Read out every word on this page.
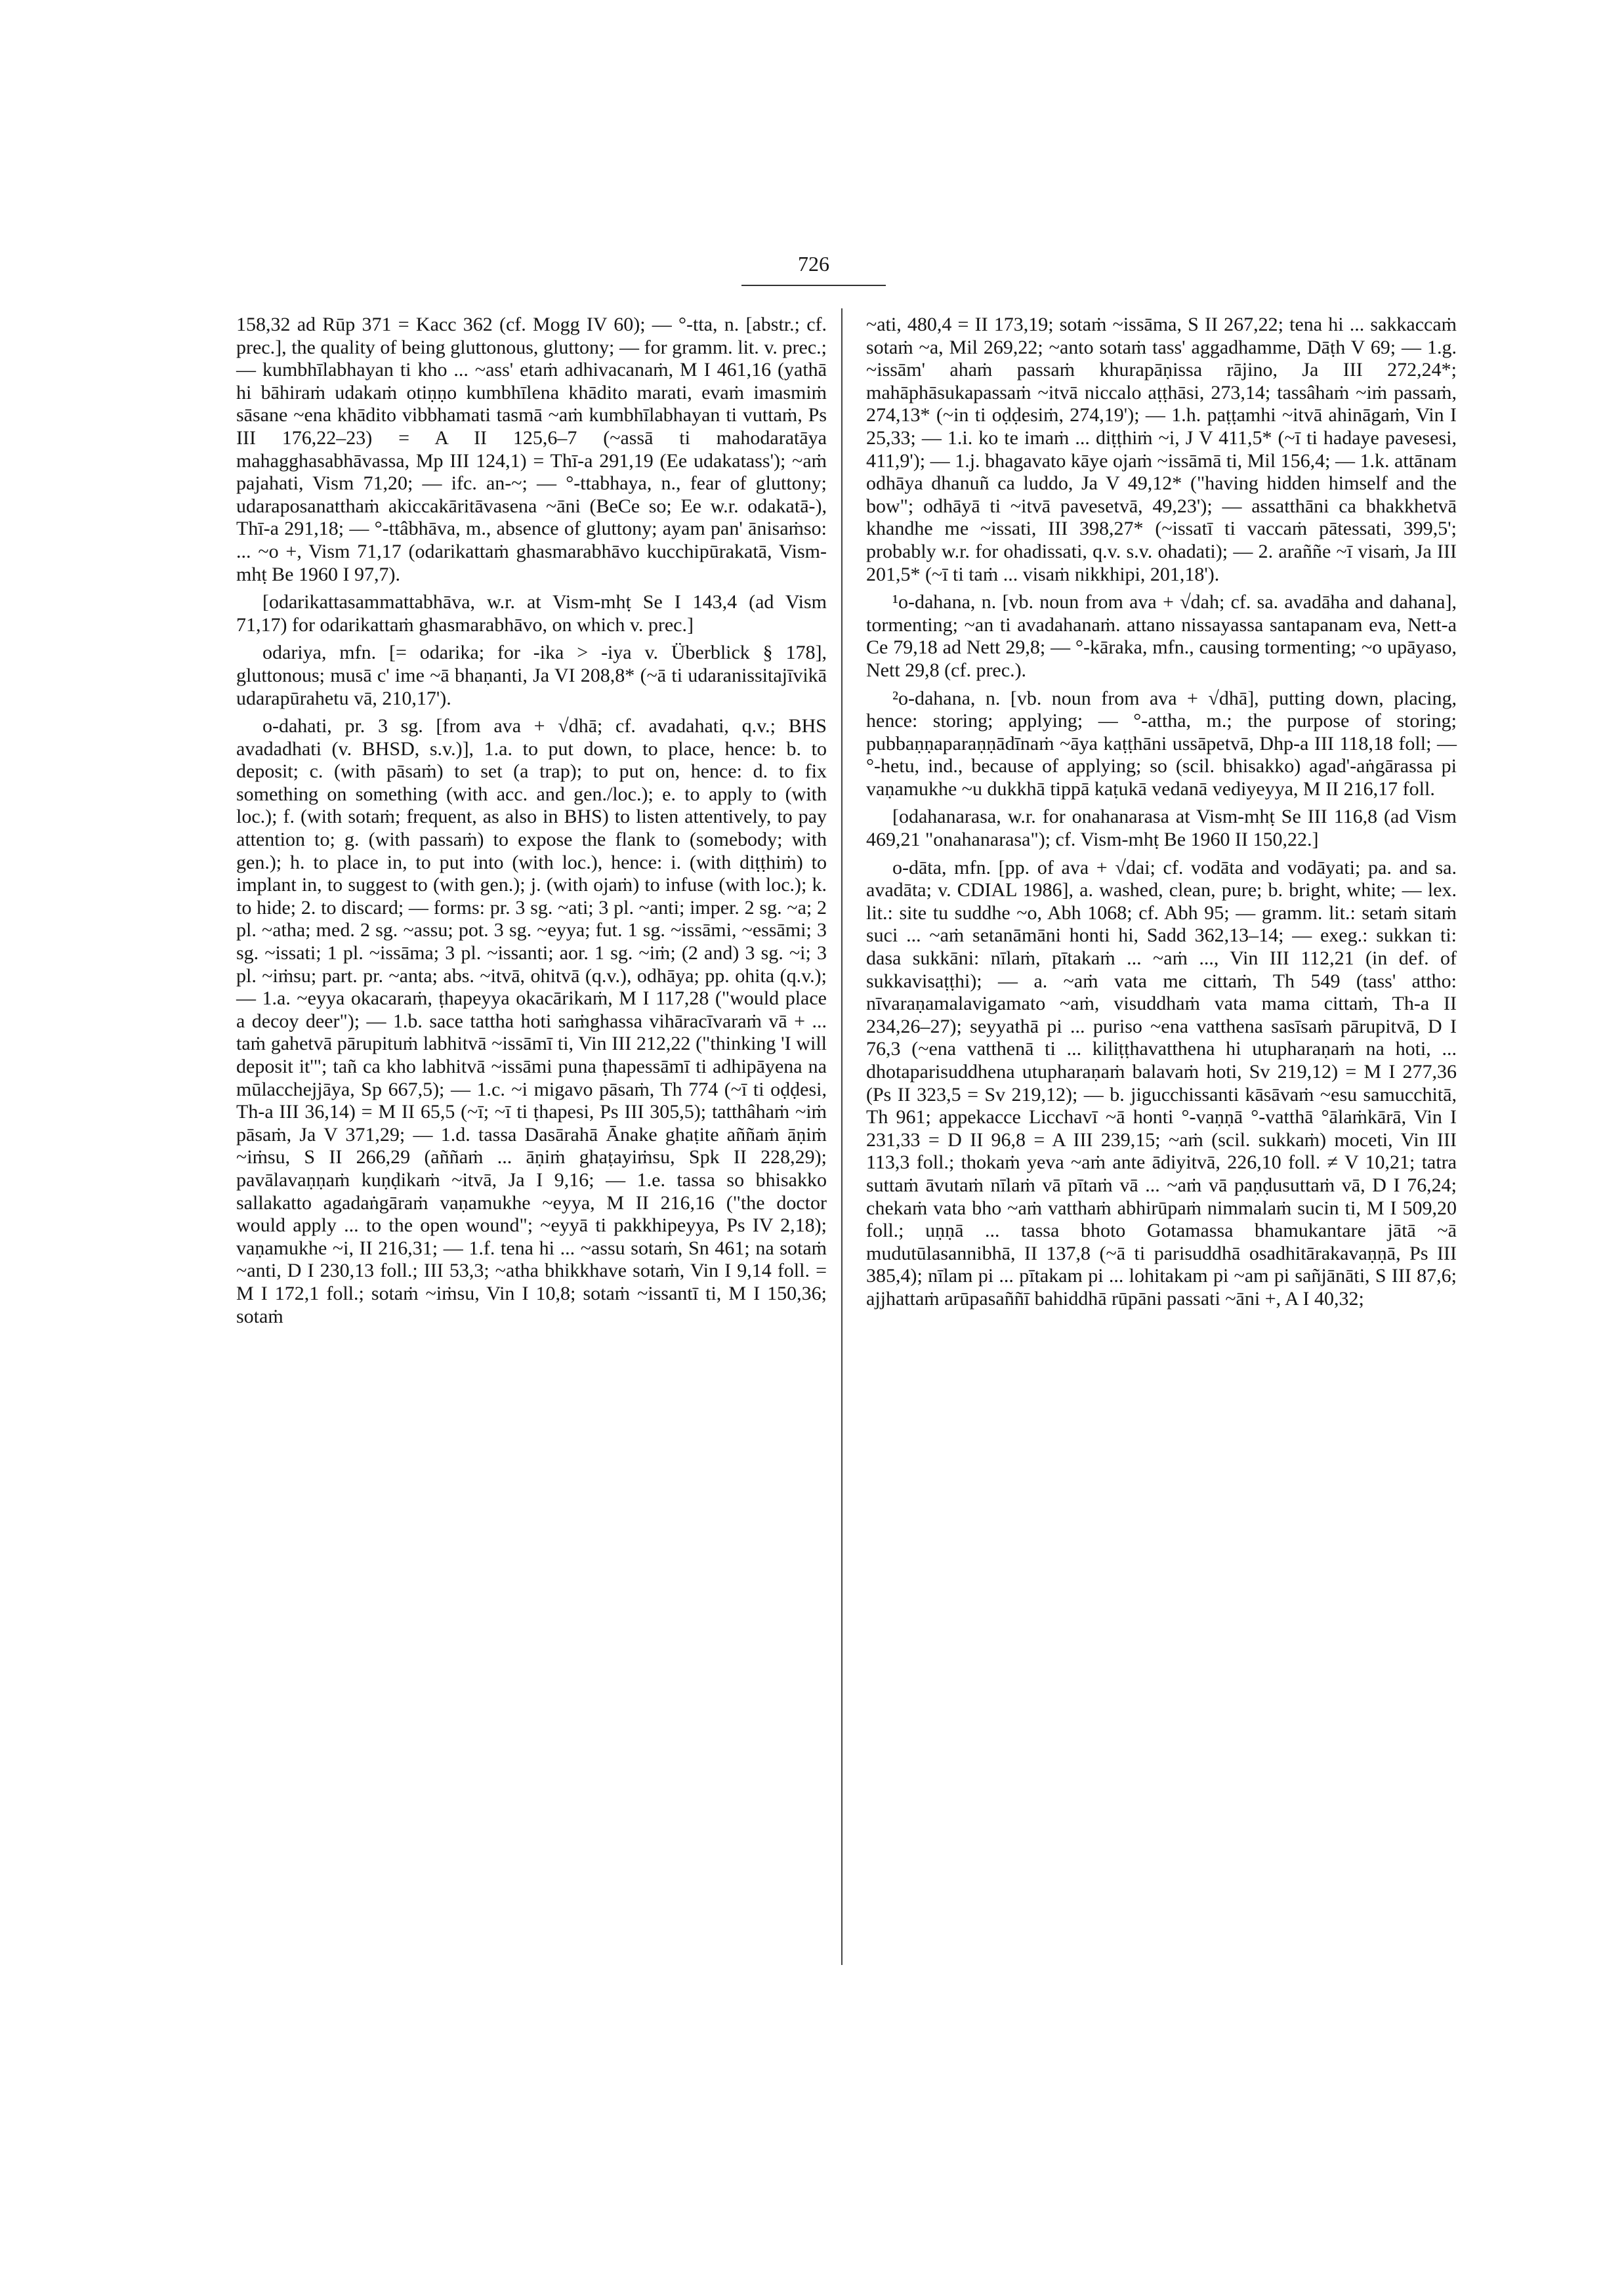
726

158,32 ad Rūp 371 = Kacc 362 (cf. Mogg IV 60); — °-tta, n. [abstr.; cf. prec.], the quality of being gluttonous, gluttony; — for gramm. lit. v. prec.; — kumbhīlabhayan ti kho ... ~ass' etaṁ adhivacanaṁ, M I 461,16 (yathā hi bāhiraṁ udakaṁ otiṇṇo kumbhīlena khādito marati, evaṁ imasmiṁ sāsane ~ena khādito vibbhamati tasmā ~aṁ kumbhīlabhayan ti vuttaṁ, Ps III 176,22–23) = A II 125,6–7 (~assā ti mahodaratāya mahagghasabhāvassa, Mp III 124,1) = Thī-a 291,19 (Ee udakatass'); ~aṁ pajahati, Vism 71,20; — ifc. an-~; — °-ttabhaya, n., fear of gluttony; udaraposanatthaṁ akiccakāritāvasena ~āni (BeCe so; Ee w.r. odakatā-), Thī-a 291,18; — °-ttâbhāva, m., absence of gluttony; ayam pan' ānisaṁso: ... ~o +, Vism 71,17 (odarikattaṁ ghasmarabhāvo kucchipūrakatā, Vism-mhṭ Be 1960 I 97,7).

[odarikattasammattabhāva, w.r. at Vism-mhṭ Se I 143,4 (ad Vism 71,17) for odarikattaṁ ghasmarabhāvo, on which v. prec.]

odariya, mfn. [= odarika; for -ika > -iya v. Überblick § 178], gluttonous; musā c' ime ~ā bhaṇanti, Ja VI 208,8* (~ā ti udaranissitajīvikā udarapūrahetu vā, 210,17').

o-dahati, pr. 3 sg. [from ava + √dhā; cf. avadahati, q.v.; BHS avadadhati (v. BHSD, s.v.)], 1.a. to put down, to place, hence: b. to deposit; c. (with pāsaṁ) to set (a trap); to put on, hence: d. to fix something on something (with acc. and gen./loc.); e. to apply to (with loc.); f. (with sotaṁ; frequent, as also in BHS) to listen attentively, to pay attention to; g. (with passaṁ) to expose the flank to (somebody; with gen.); h. to place in, to put into (with loc.), hence: i. (with diṭṭhiṁ) to implant in, to suggest to (with gen.); j. (with ojaṁ) to infuse (with loc.); k. to hide; 2. to discard; — forms: pr. 3 sg. ~ati; 3 pl. ~anti; imper. 2 sg. ~a; 2 pl. ~atha; med. 2 sg. ~assu; pot. 3 sg. ~eyya; fut. 1 sg. ~issāmi, ~essāmi; 3 sg. ~issati; 1 pl. ~issāma; 3 pl. ~issanti; aor. 1 sg. ~iṁ; (2 and) 3 sg. ~i; 3 pl. ~iṁsu; part. pr. ~anta; abs. ~itvā, ohitvā (q.v.), odhāya; pp. ohita (q.v.); — 1.a. ~eyya okacaraṁ, ṭhapeyya okacārikaṁ, M I 117,28 ("would place a decoy deer"); — 1.b. sace tattha hoti saṁghassa vihāracīvaraṁ vā + ... taṁ gahetvā pārupituṁ labhitvā ~issāmī ti, Vin III 212,22 ("thinking 'I will deposit it'"; tañ ca kho labhitvā ~issāmi puna ṭhapessāmī ti adhipāyena na mūlacchejjāya, Sp 667,5); — 1.c. ~i migavo pāsaṁ, Th 774 (~ī ti oḍḍesi, Th-a III 36,14) = M II 65,5 (~ī; ~ī ti ṭhapesi, Ps III 305,5); tatthâhaṁ ~iṁ pāsaṁ, Ja V 371,29; — 1.d. tassa Dasārahā Ānake ghaṭite aññaṁ āṇiṁ ~iṁsu, S II 266,29 (aññaṁ ... āṇiṁ ghaṭayiṁsu, Spk II 228,29); pavālavaṇṇaṁ kuṇḍikaṁ ~itvā, Ja I 9,16; — 1.e. tassa so bhisakko sallakatto agadaṅgāraṁ vaṇamukhe ~eyya, M II 216,16 ("the doctor would apply ... to the open wound"; ~eyyā ti pakkhipeyya, Ps IV 2,18); vaṇamukhe ~i, II 216,31; — 1.f. tena hi ... ~assu sotaṁ, Sn 461; na sotaṁ ~anti, D I 230,13 foll.; III 53,3; ~atha bhikkhave sotaṁ, Vin I 9,14 foll. = M I 172,1 foll.; sotaṁ ~iṁsu, Vin I 10,8; sotaṁ ~issantī ti, M I 150,36; sotaṁ

~ati, 480,4 = II 173,19; sotaṁ ~issāma, S II 267,22; tena hi ... sakkaccaṁ sotaṁ ~a, Mil 269,22; ~anto sotaṁ tass' aggadhamme, Dāṭh V 69; — 1.g. ~issām' ahaṁ passaṁ khurapāṇissa rājino, Ja III 272,24*; mahāphāsukapassaṁ ~itvā niccalo aṭṭhāsi, 273,14; tassâhaṁ ~iṁ passaṁ, 274,13* (~in ti oḍḍesiṁ, 274,19'); — 1.h. paṭṭamhi ~itvā ahināgaṁ, Vin I 25,33; — 1.i. ko te imaṁ ... diṭṭhiṁ ~i, J V 411,5* (~ī ti hadaye pavesesi, 411,9'); — 1.j. bhagavato kāye ojaṁ ~issāmā ti, Mil 156,4; — 1.k. attānam odhāya dhanuñ ca luddo, Ja V 49,12* ("having hidden himself and the bow"; odhāyā ti ~itvā pavesetvā, 49,23'); — assatthāni ca bhakkhetvā khandhe me ~issati, III 398,27* (~issatī ti vaccaṁ pātessati, 399,5'; probably w.r. for ohadissati, q.v. s.v. ohadati); — 2. araññe ~ī visaṁ, Ja III 201,5* (~ī ti taṁ ... visaṁ nikkhipi, 201,18').

¹o-dahana, n. [vb. noun from ava + √dah; cf. sa. avadāha and dahana], tormenting; ~an ti avadahanaṁ. attano nissayassa santapanam eva, Nett-a Ce 79,18 ad Nett 29,8; — °-kāraka, mfn., causing tormenting; ~o upāyaso, Nett 29,8 (cf. prec.).

²o-dahana, n. [vb. noun from ava + √dhā], putting down, placing, hence: storing; applying; — °-attha, m.; the purpose of storing; pubbaṇṇaparaṇṇādīnaṁ ~āya kaṭṭhāni ussāpetvā, Dhp-a III 118,18 foll; — °-hetu, ind., because of applying; so (scil. bhisakko) agad'-aṅgārassa pi vaṇamukhe ~u dukkhā tippā kaṭukā vedanā vediyeyya, M II 216,17 foll.

[odahanarasa, w.r. for onahanarasa at Vism-mhṭ Se III 116,8 (ad Vism 469,21 "onahanarasa"); cf. Vism-mhṭ Be 1960 II 150,22.]

o-dāta, mfn. [pp. of ava + √dai; cf. vodāta and vodāyati; pa. and sa. avadāta; v. CDIAL 1986], a. washed, clean, pure; b. bright, white; — lex. lit.: site tu suddhe ~o, Abh 1068; cf. Abh 95; — gramm. lit.: setaṁ sitaṁ suci ... ~aṁ setanāmāni honti hi, Sadd 362,13–14; — exeg.: sukkan ti: dasa sukkāni: nīlaṁ, pītakaṁ ... ~aṁ ..., Vin III 112,21 (in def. of sukkavisaṭṭhi); — a. ~aṁ vata me cittaṁ, Th 549 (tass' attho: nīvaraṇamalavigamato ~aṁ, visuddhaṁ vata mama cittaṁ, Th-a II 234,26–27); seyyathā pi ... puriso ~ena vatthena sasīsaṁ pārupitvā, D I 76,3 (~ena vatthenā ti ... kiliṭṭhavatthena hi utupharaṇaṁ na hoti, ... dhotaparisuddhena utupharaṇaṁ balavaṁ hoti, Sv 219,12) = M I 277,36 (Ps II 323,5 = Sv 219,12); — b. jigucchissanti kāsāvaṁ ~esu samucchitā, Th 961; appekacce Licchavī ~ā honti °-vaṇṇā °-vatthā °ālaṁkārā, Vin I 231,33 = D II 96,8 = A III 239,15; ~aṁ (scil. sukkaṁ) moceti, Vin III 113,3 foll.; thokaṁ yeva ~aṁ ante ādiyitvā, 226,10 foll. ≠ V 10,21; tatra suttaṁ āvutaṁ nīlaṁ vā pītaṁ vā ... ~aṁ vā paṇḍusuttaṁ vā, D I 76,24; chekaṁ vata bho ~aṁ vatthaṁ abhirūpaṁ nimmalaṁ sucin ti, M I 509,20 foll.; uṇṇā ... tassa bhoto Gotamassa bhamukantare jātā ~ā mudutūlasannibhā, II 137,8 (~ā ti parisuddhā osadhitārakavaṇṇā, Ps III 385,4); nīlam pi ... pītakam pi ... lohitakam pi ~am pi sañjānāti, S III 87,6; ajjhattaṁ arūpasaññī bahiddhā rūpāni passati ~āni +, A I 40,32;
